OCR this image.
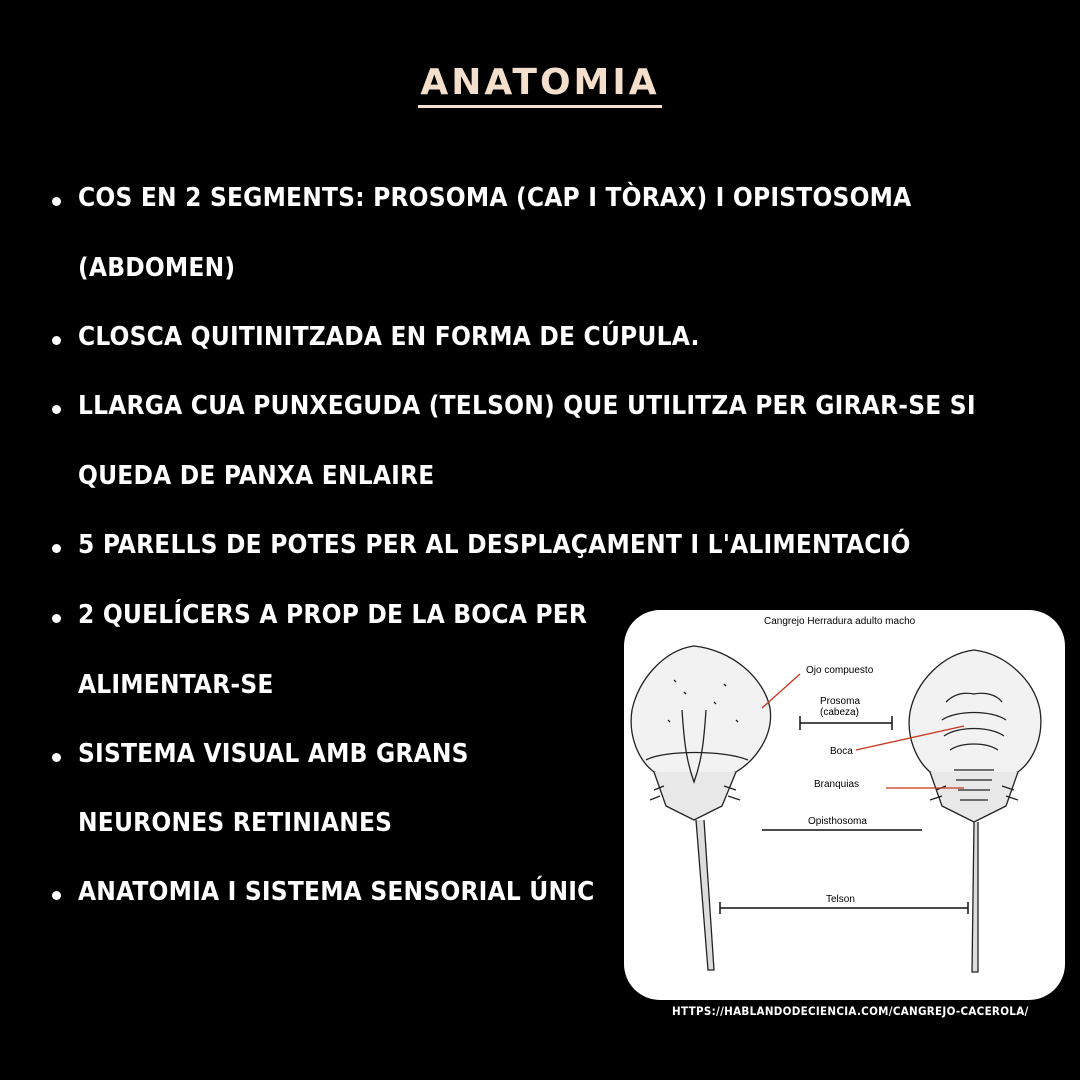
ANATOMIA
COS EN 2 SEGMENTS: PROSOMA (CAP I TÒRAX) I OPISTOSOMA
(ABDOMEN)
CLOSCA QUITINITZADA EN FORMA DE CÚPULA.
LLARGA CUA PUNXEGUDA (TELSON) QUE UTILITZA PER GIRAR-SE SI
QUEDA DE PANXA ENLAIRE
5 PARELLS DE POTES PER AL DESPLAÇAMENT I L'ALIMENTACIÓ
2 QUELÍCERS A PROP DE LA BOCA PER
ALIMENTAR-SE
SISTEMA VISUAL AMB GRANS
NEURONES RETINIANES
ANATOMIA I SISTEMA SENSORIAL ÚNIC
Cangrejo Herradura adulto macho
Ojo compuesto
Prosoma
(cabeza)
Boca
Branquias
Opisthosoma
Telson
HTTPS://HABLANDODECIENCIA.COM/CANGREJO-CACEROLA/
